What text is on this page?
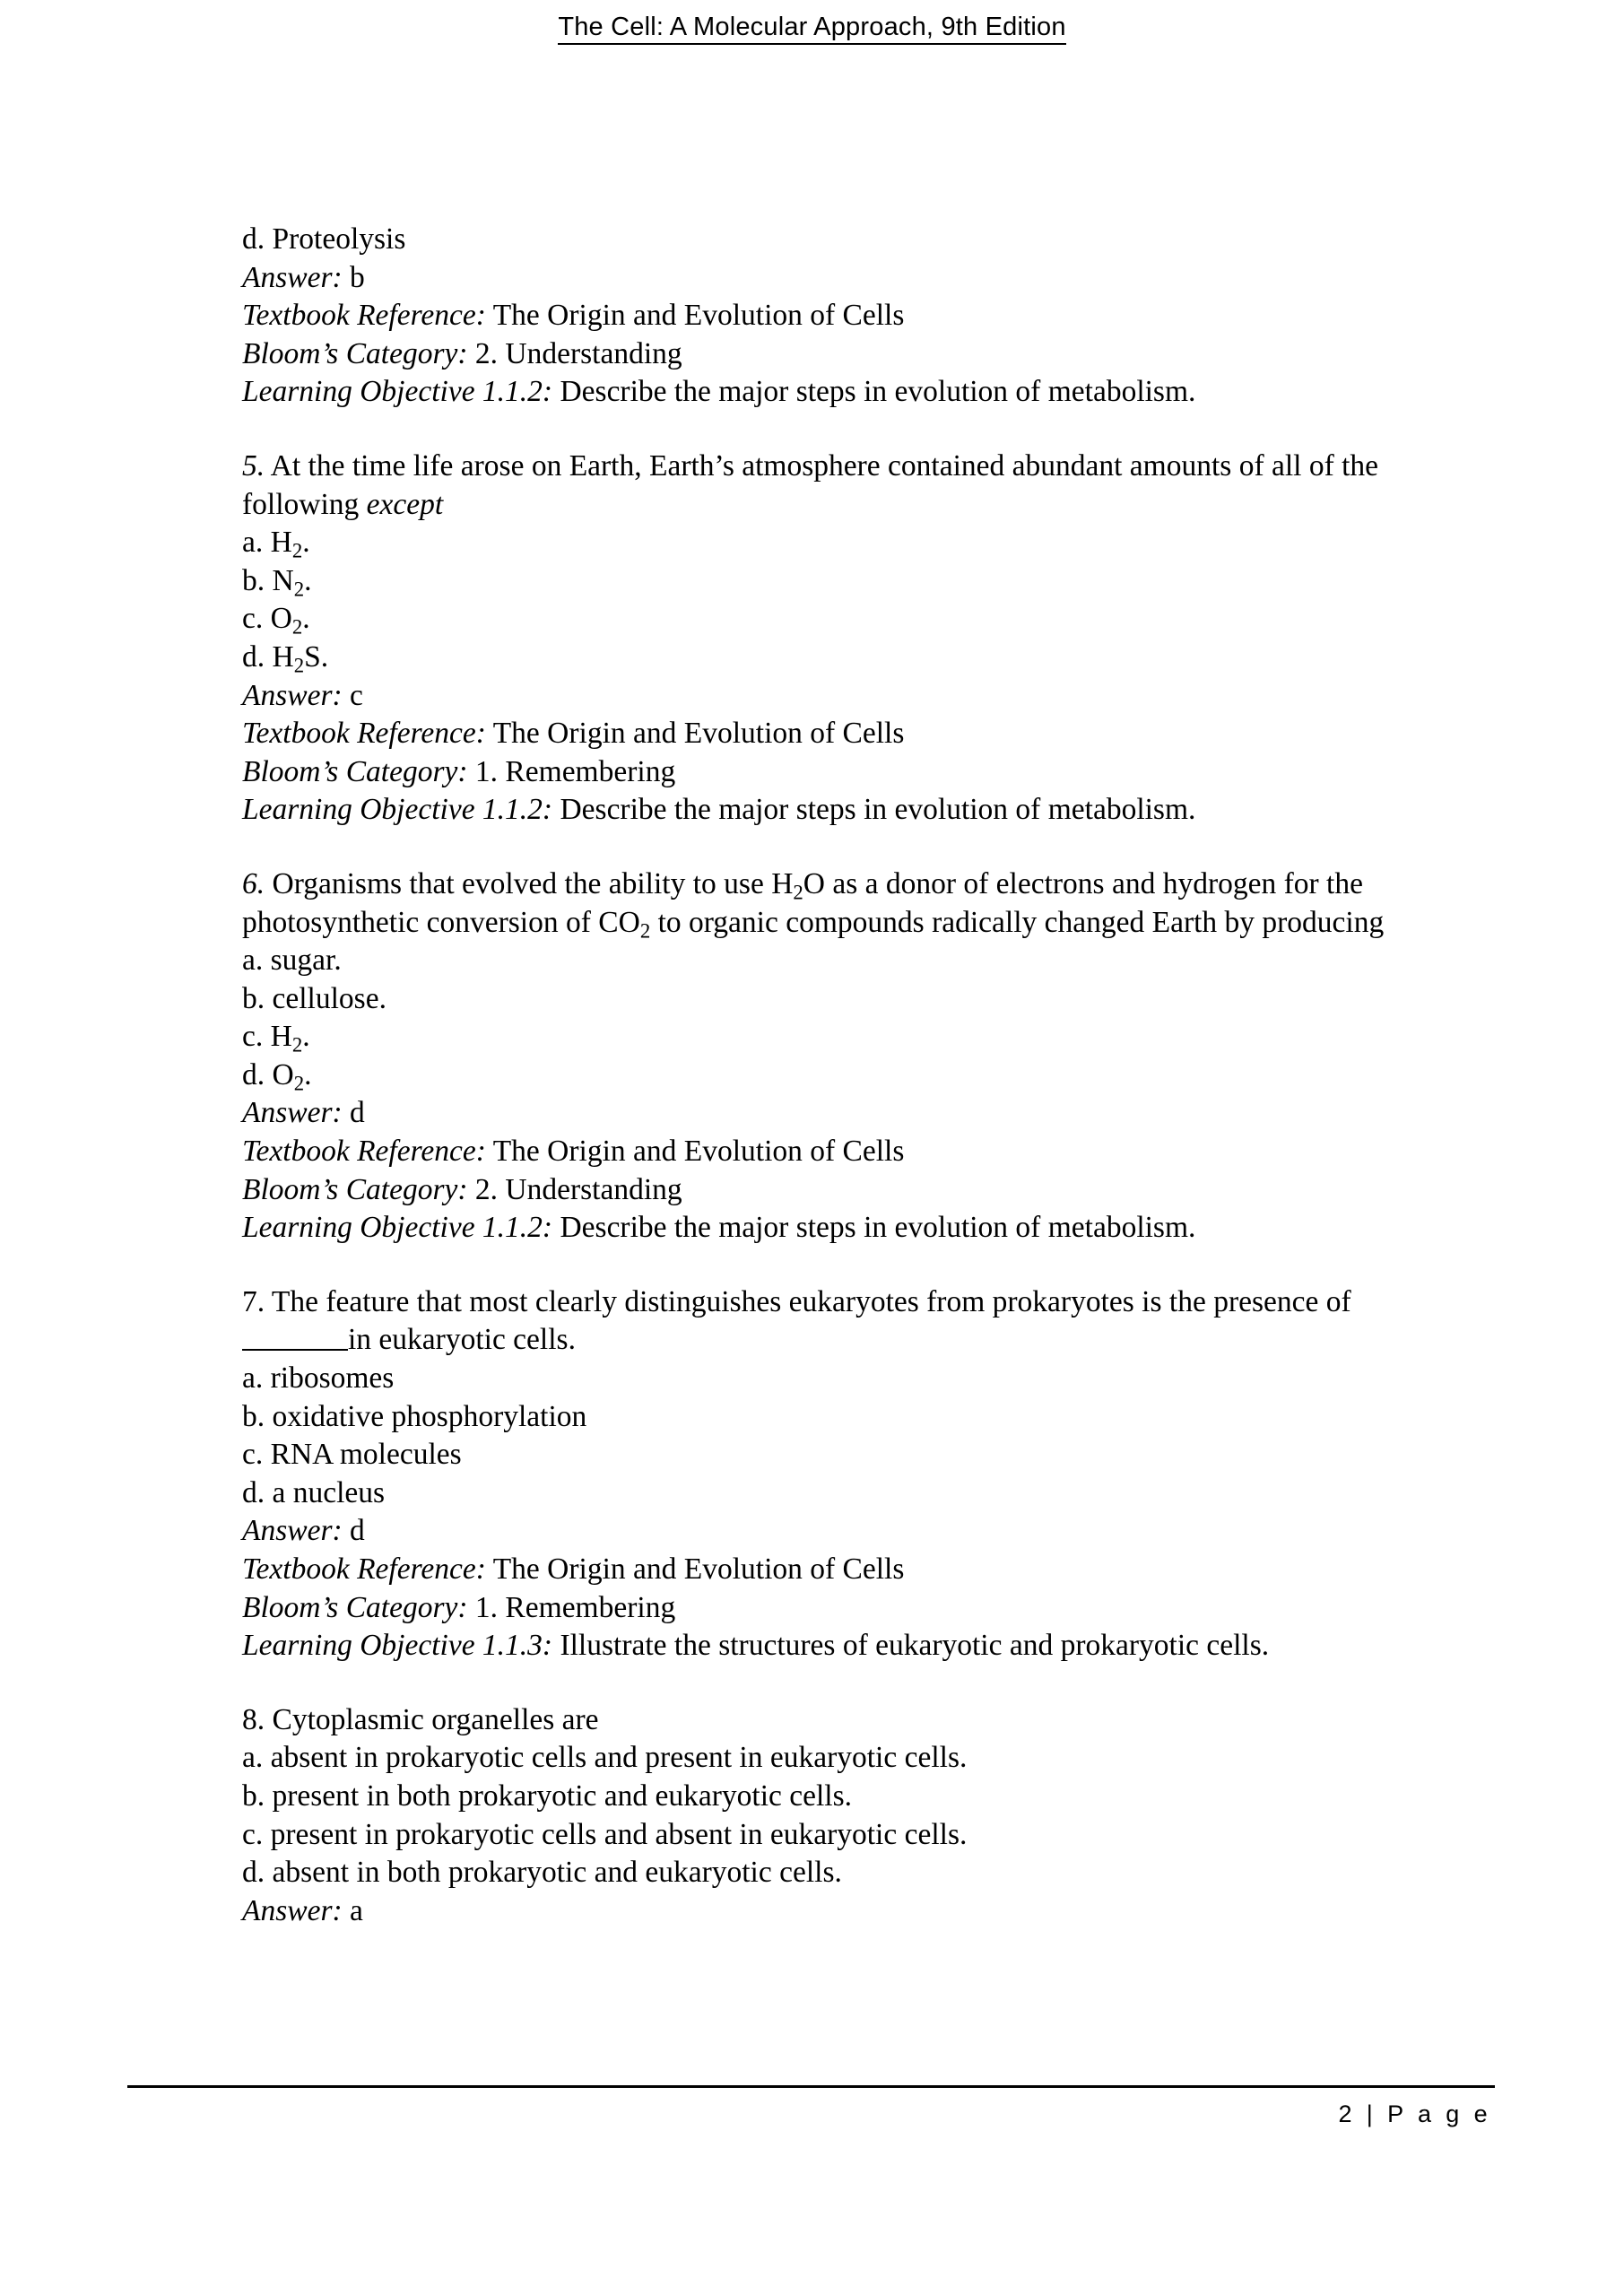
The Cell: A Molecular Approach, 9th Edition

d. Proteolysis

Answer: b

Textbook Reference: The Origin and Evolution of Cells

Bloom’s Category: 2. Understanding

Learning Objective 1.1.2: Describe the major steps in evolution of metabolism.

5. At the time life arose on Earth, Earth’s atmosphere contained abundant amounts of all of the following except

a. $H_2$.

b. $N_2$.

c. $O_2$.

d. $H_2S$.

Answer: c

Textbook Reference: The Origin and Evolution of Cells

Bloom’s Category: 1. Remembering

Learning Objective 1.1.2: Describe the major steps in evolution of metabolism.

6. Organisms that evolved the ability to use $H_2O$ as a donor of electrons and hydrogen for the photosynthetic conversion of $CO_2$ to organic compounds radically changed Earth by producing

a. sugar.

b. cellulose.

c. $H_2$.

d. $O_2$.

Answer: d

Textbook Reference: The Origin and Evolution of Cells

Bloom’s Category: 2. Understanding

Learning Objective 1.1.2: Describe the major steps in evolution of metabolism.

7. The feature that most clearly distinguishes eukaryotes from prokaryotes is the presence ofin eukaryotic cells.

a. ribosomes

b. oxidative phosphorylation

c. RNA molecules

d. a nucleus

Answer: d

Textbook Reference: The Origin and Evolution of Cells

Bloom’s Category: 1. Remembering

Learning Objective 1.1.3: Illustrate the structures of eukaryotic and prokaryotic cells.

8. Cytoplasmic organelles are

a. absent in prokaryotic cells and present in eukaryotic cells.

b. present in both prokaryotic and eukaryotic cells.

c. present in prokaryotic cells and absent in eukaryotic cells.

d. absent in both prokaryotic and eukaryotic cells.

Answer: a

2 | P a g e
